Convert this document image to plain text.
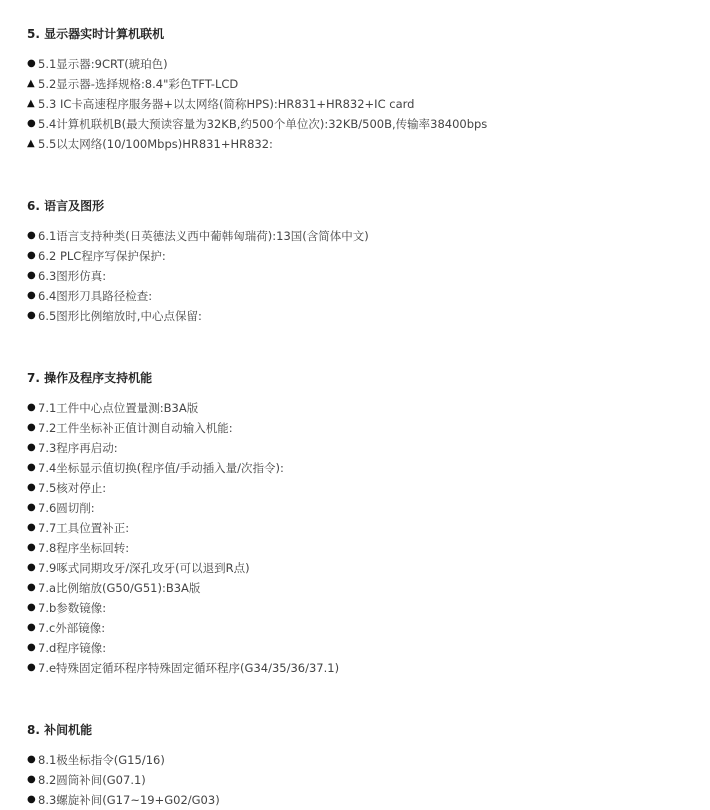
5. 显示器实时计算机联机
● 5.1显示器:9CRT(琥珀色)
▲ 5.2显示器-选择规格:8.4"彩色TFT-LCD
▲ 5.3 IC卡高速程序服务器+以太网络(简称HPS):HR831+HR832+IC card
● 5.4计算机联机B(最大预读容量为32KB,约500个单位次):32KB/500B,传输率38400bps
▲ 5.5以太网络(10/100Mbps)HR831+HR832:
6. 语言及图形
● 6.1语言支持种类(日英德法义西中葡韩匈瑞荷):13国(含简体中文)
● 6.2 PLC程序写保护保护:
● 6.3图形仿真:
● 6.4图形刀具路径检查:
● 6.5图形比例缩放时,中心点保留:
7. 操作及程序支持机能
● 7.1工件中心点位置量测:B3A版
● 7.2工件坐标补正值计测自动输入机能:
● 7.3程序再启动:
● 7.4坐标显示值切换(程序值/手动插入量/次指令):
● 7.5核对停止:
● 7.6圆切削:
● 7.7工具位置补正:
● 7.8程序坐标回转:
● 7.9啄式同期攻牙/深孔攻牙(可以退到R点)
● 7.a比例缩放(G50/G51):B3A版
● 7.b参数镜像:
● 7.c外部镜像:
● 7.d程序镜像:
● 7.e特殊固定循环程序特殊固定循环程序(G34/35/36/37.1)
8. 补间机能
● 8.1极坐标指令(G15/16)
● 8.2圆筒补间(G07.1)
● 8.3螺旋补间(G17~19+G02/G03)
